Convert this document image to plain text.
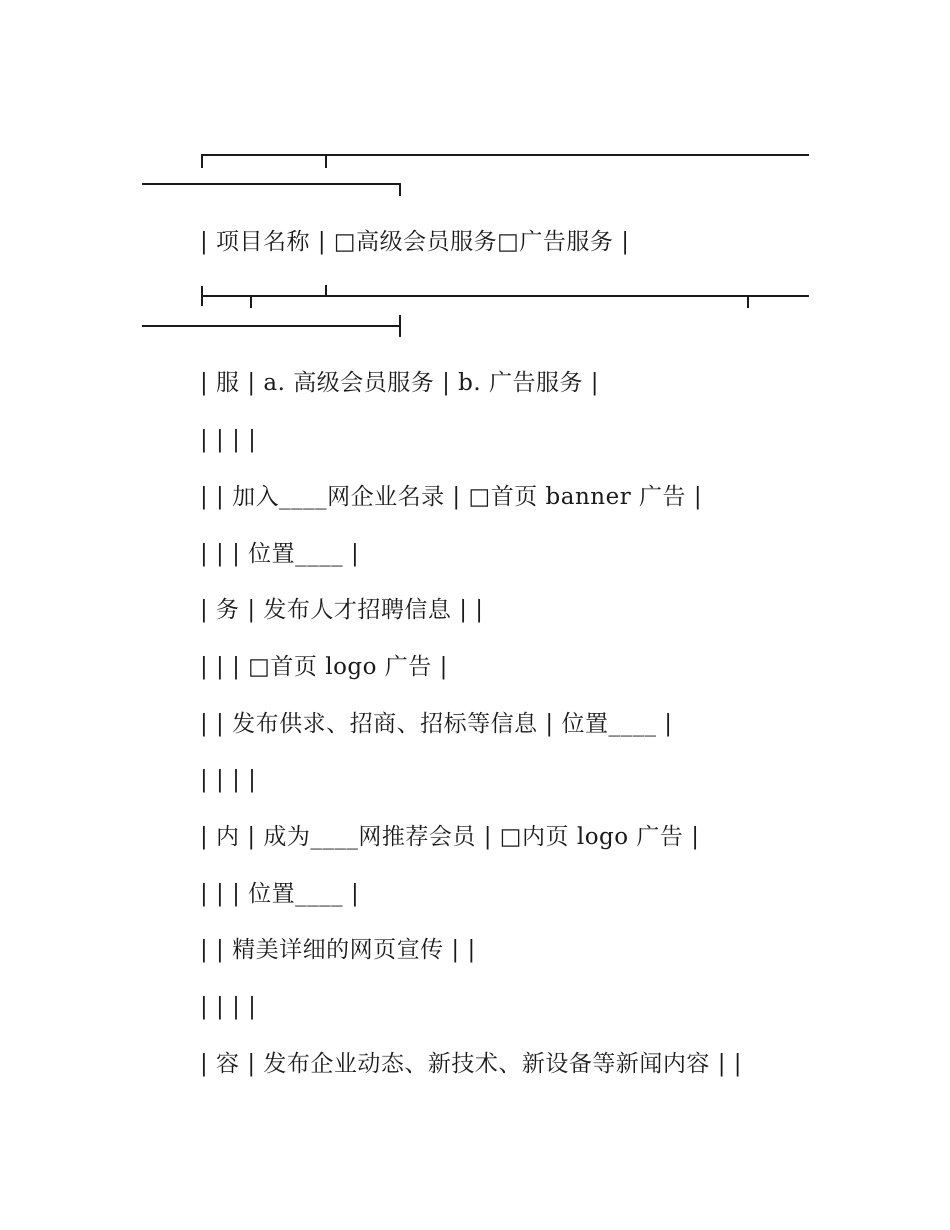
| 项目名称 | □高级会员服务□广告服务 |
| 服 | a. 高级会员服务 | b. 广告服务 |
| | | |
| | 加入____网企业名录 | □首页 banner 广告 |
| | | 位置____ |
| 务 | 发布人才招聘信息 | |
| | | □首页 logo 广告 |
| | 发布供求、招商、招标等信息 | 位置____ |
| | | |
| 内 | 成为____网推荐会员 | □内页 logo 广告 |
| | | 位置____ |
| | 精美详细的网页宣传 | |
| | | |
| 容 | 发布企业动态、新技术、新设备等新闻内容 | |
